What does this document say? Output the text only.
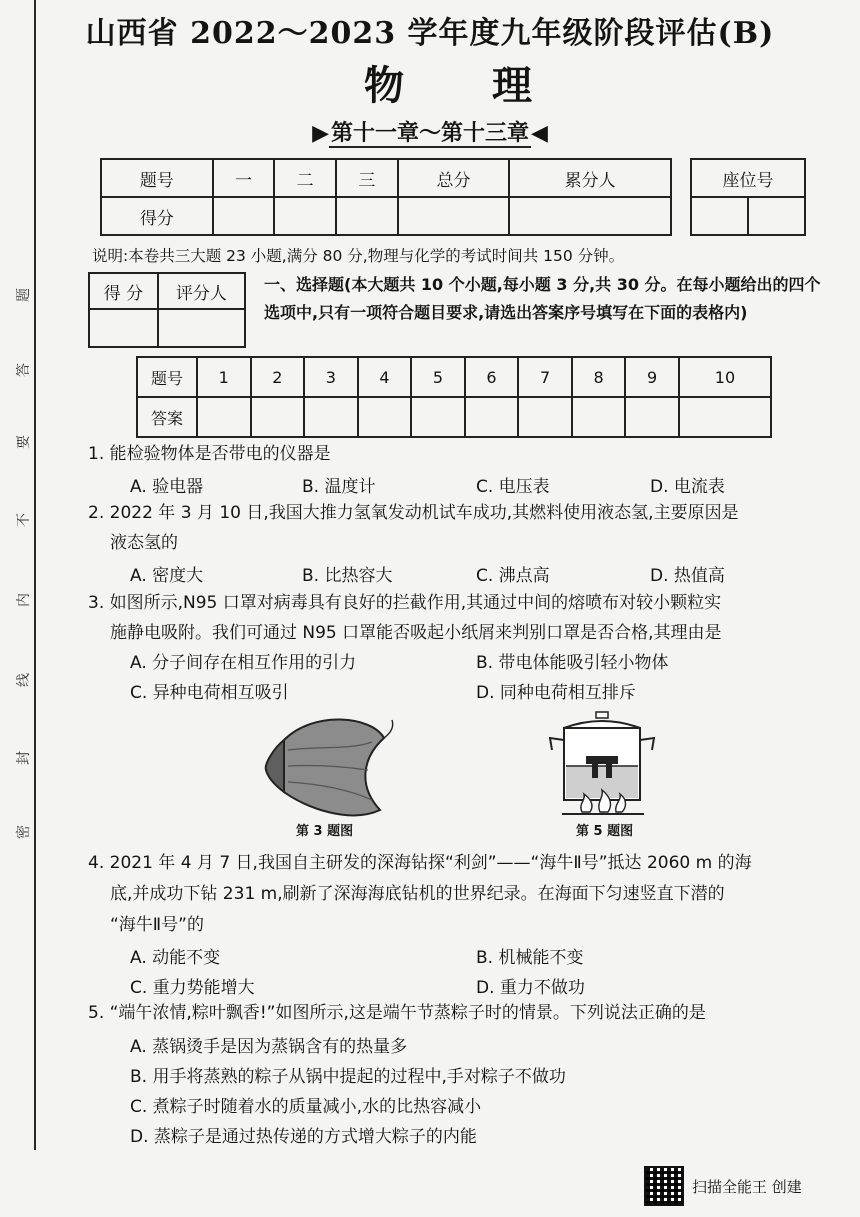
题
答
要
不
内
线
封
密
山西省 2022～2023 学年度九年级阶段评估(B)
物 理
▶第十一章～第十三章◀
题号	一	二	三	总分	累分人
得分					
座位号

说明:本卷共三大题 23 小题,满分 80 分,物理与化学的考试时间共 150 分钟。
得 分	评分人
	一、选择题(本大题共 10 个小题,每小题 3 分,共 30 分。在每小题给出的四个选项中,只有一项符合题目要求,请选出答案序号填写在下面的表格内)
题号	1	2	3	4	5	6	7	8	9	10
答案										
1. 能检验物体是否带电的仪器是
A. 验电器	B. 温度计	C. 电压表	D. 电流表
2. 2022 年 3 月 10 日,我国大推力氢氧发动机试车成功,其燃料使用液态氢,主要原因是
液态氢的
A. 密度大	B. 比热容大	C. 沸点高	D. 热值高
3. 如图所示,N95 口罩对病毒具有良好的拦截作用,其通过中间的熔喷布对较小颗粒实
施静电吸附。我们可通过 N95 口罩能否吸起小纸屑来判别口罩是否合格,其理由是
A. 分子间存在相互作用的引力	B. 带电体能吸引轻小物体
C. 异种电荷相互吸引	D. 同种电荷相互排斥
第 3 题图	第 5 题图
4. 2021 年 4 月 7 日,我国自主研发的深海钻探“利剑”——“海牛Ⅱ号”抵达 2060 m 的海
底,并成功下钻 231 m,刷新了深海海底钻机的世界纪录。在海面下匀速竖直下潜的
“海牛Ⅱ号”的
A. 动能不变	B. 机械能不变
C. 重力势能增大	D. 重力不做功
5. “端午浓情,粽叶飘香!”如图所示,这是端午节蒸粽子时的情景。下列说法正确的是
A. 蒸锅烫手是因为蒸锅含有的热量多
B. 用手将蒸熟的粽子从锅中提起的过程中,手对粽子不做功
C. 煮粽子时随着水的质量减小,水的比热容减小
D. 蒸粽子是通过热传递的方式增大粽子的内能
扫描全能王 创建
